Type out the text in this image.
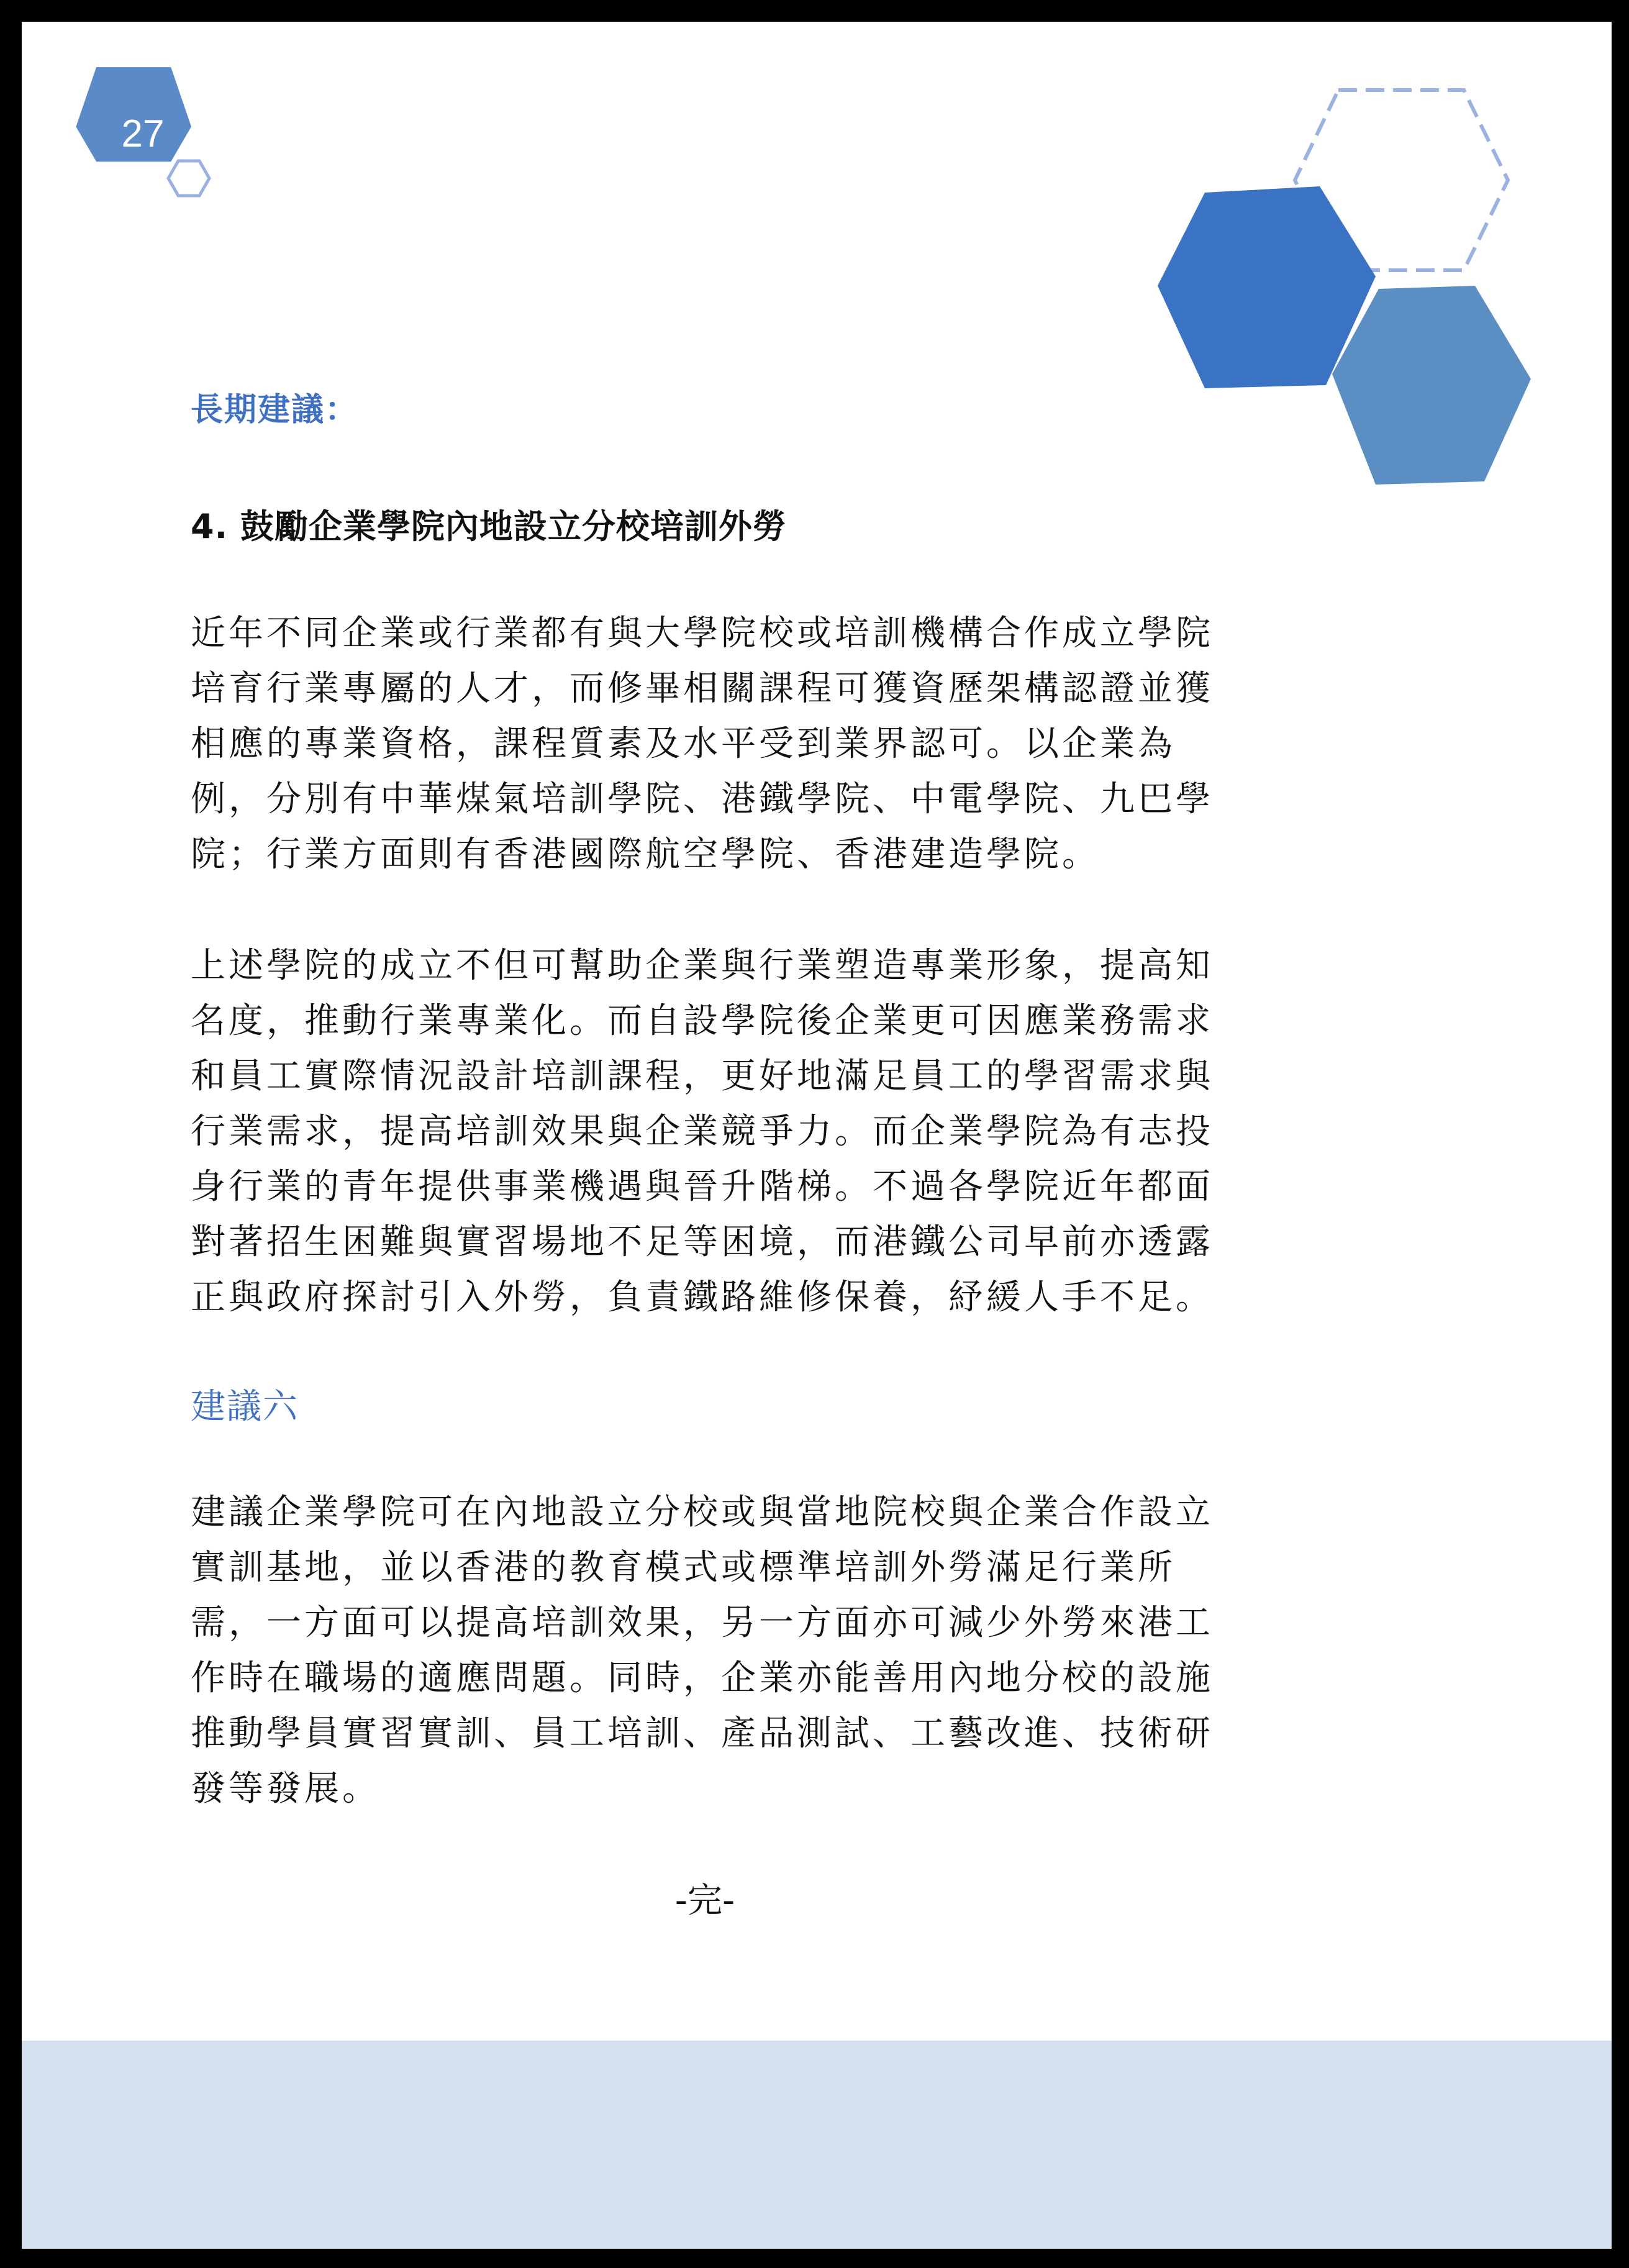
27
長期建議：
4. 鼓勵企業學院內地設立分校培訓外勞
近年不同企業或行業都有與大學院校或培訓機構合作成立學院
培育行業專屬的人才，而修畢相關課程可獲資歷架構認證並獲
相應的專業資格，課程質素及水平受到業界認可。以企業為
例，分別有中華煤氣培訓學院、港鐵學院、中電學院、九巴學
院；行業方面則有香港國際航空學院、香港建造學院。
上述學院的成立不但可幫助企業與行業塑造專業形象，提高知
名度，推動行業專業化。而自設學院後企業更可因應業務需求
和員工實際情況設計培訓課程，更好地滿足員工的學習需求與
行業需求，提高培訓效果與企業競爭力。而企業學院為有志投
身行業的青年提供事業機遇與晉升階梯。不過各學院近年都面
對著招生困難與實習場地不足等困境，而港鐵公司早前亦透露
正與政府探討引入外勞，負責鐵路維修保養，紓緩人手不足。
建議六
建議企業學院可在內地設立分校或與當地院校與企業合作設立
實訓基地，並以香港的教育模式或標準培訓外勞滿足行業所
需，一方面可以提高培訓效果，另一方面亦可減少外勞來港工
作時在職場的適應問題。同時，企業亦能善用內地分校的設施
推動學員實習實訓、員工培訓、產品測試、工藝改進、技術研
發等發展。
-完-
